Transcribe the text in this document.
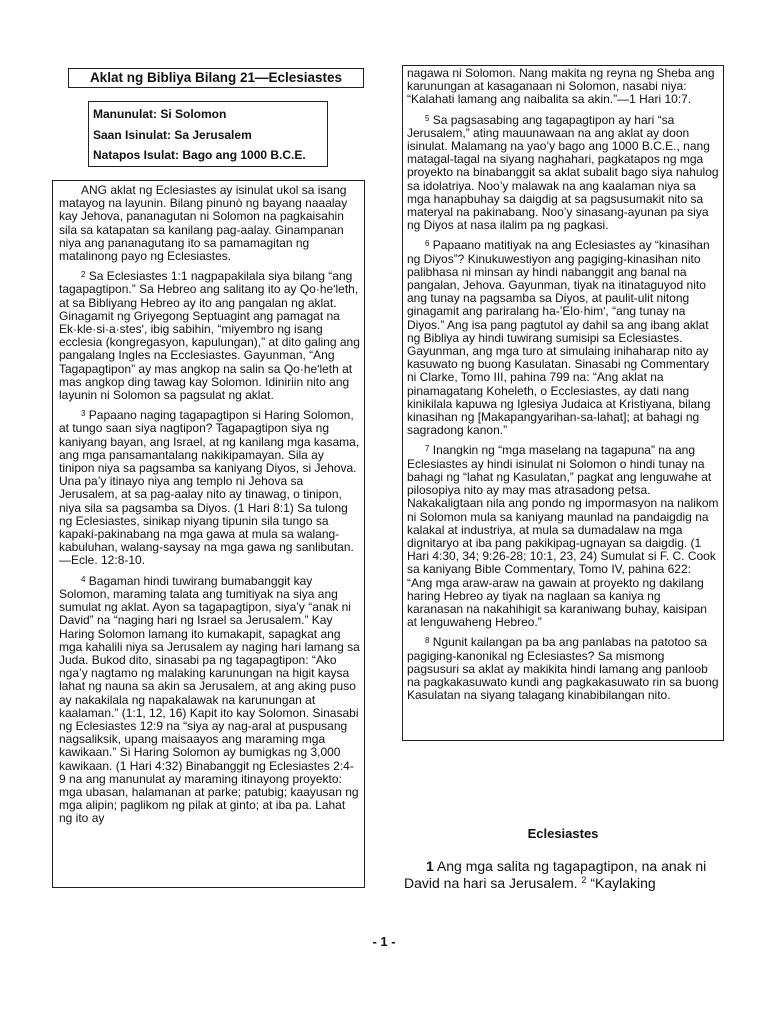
Aklat ng Bibliya Bilang 21—Eclesiastes
Manunulat: Si Solomon
Saan Isinulat: Sa Jerusalem
Natapos Isulat: Bago ang 1000 B.C.E.

ANG aklat ng Eclesiastes ay isinulat ukol sa isang matayog na layunin. Bilang pinunò ng bayang naaalay kay Jehova, pananagutan ni Solomon na pagkaisahin sila sa katapatan sa kanilang pag-aalay. Ginampanan niya ang pananagutang ito sa pamamagitan ng matalinong payo ng Eclesiastes.

$^2$ Sa Eclesiastes 1:1 nagpapakilala siya bilang “ang tagapagtipon.” Sa Hebreo ang salitang ito ay Qo·heʹleth, at sa Bibliyang Hebreo ay ito ang pangalan ng aklat. Ginagamit ng Griyegong Septuagint ang pamagat na Ek·kle·si·a·stesʹ, ibig sabihin, “miyembro ng isang ecclesia (kongregasyon, kapulungan),” at dito galing ang pangalang Ingles na Ecclesiastes. Gayunman, “Ang Tagapagtipon” ay mas angkop na salin sa Qo·heʹleth at mas angkop ding tawag kay Solomon. Idiniriin nito ang layunin ni Solomon sa pagsulat ng aklat.

$^3$ Papaano naging tagapagtipon si Haring Solomon, at tungo saan siya nagtipon? Tagapagtipon siya ng kaniyang bayan, ang Israel, at ng kanilang mga kasama, ang mga pansamantalang nakikipamayan. Sila ay tinipon niya sa pagsamba sa kaniyang Diyos, si Jehova. Una pa’y itinayo niya ang templo ni Jehova sa Jerusalem, at sa pag-aalay nito ay tinawag, o tinipon, niya sila sa pagsamba sa Diyos. (1 Hari 8:1) Sa tulong ng Eclesiastes, sinikap niyang tipunin sila tungo sa kapaki-pakinabang na mga gawa at mula sa walang-kabuluhan, walang-saysay na mga gawa ng sanlibutan.—Ecle. 12:8-10.

$^4$ Bagaman hindi tuwirang bumabanggit kay Solomon, maraming talata ang tumitiyak na siya ang sumulat ng aklat. Ayon sa tagapagtipon, siya’y “anak ni David” na “naging hari ng Israel sa Jerusalem.” Kay Haring Solomon lamang ito kumakapit, sapagkat ang mga kahalili niya sa Jerusalem ay naging hari lamang sa Juda. Bukod dito, sinasabi pa ng tagapagtipon: “Ako nga’y nagtamo ng malaking karunungan na higit kaysa lahat ng nauna sa akin sa Jerusalem, at ang aking puso ay nakakilala ng napakalawak na karunungan at kaalaman.” (1:1, 12, 16) Kapit ito kay Solomon. Sinasabi ng Eclesiastes 12:9 na “siya ay nag-aral at puspusang nagsaliksik, upang maisaayos ang maraming mga kawikaan.” Si Haring Solomon ay bumigkas ng 3,000 kawikaan. (1 Hari 4:32) Binabanggit ng Eclesiastes 2:4-9 na ang manunulat ay maraming itinayong proyekto: mga ubasan, halamanan at parke; patubig; kaayusan ng mga alipin; paglikom ng pilak at ginto; at iba pa. Lahat ng ito ay

nagawa ni Solomon. Nang makita ng reyna ng Sheba ang karunungan at kasaganaan ni Solomon, nasabi niya: “Kalahati lamang ang naibalita sa akin.”—1 Hari 10:7.

$^5$ Sa pagsasabing ang tagapagtipon ay hari “sa Jerusalem,” ating mauunawaan na ang aklat ay doon isinulat. Malamang na yao’y bago ang 1000 B.C.E., nang matagal-tagal na siyang naghahari, pagkatapos ng mga proyekto na binabanggit sa aklat subalit bago siya nahulog sa idolatriya. Noo’y malawak na ang kaalaman niya sa mga hanapbuhay sa daigdig at sa pagsusumakit nito sa materyal na pakinabang. Noo’y sinasang-ayunan pa siya ng Diyos at nasa ilalim pa ng pagkasi.

$^6$ Papaano matitiyak na ang Eclesiastes ay “kinasihan ng Diyos”? Kinukuwestiyon ang pagiging-kinasihan nito palibhasa ni minsan ay hindi nabanggit ang banal na pangalan, Jehova. Gayunman, tiyak na itinataguyod nito ang tunay na pagsamba sa Diyos, at paulit-ulit nitong ginagamit ang pariralang ha-ʼElo·himʹ, “ang tunay na Diyos.” Ang isa pang pagtutol ay dahil sa ang ibang aklat ng Bibliya ay hindi tuwirang sumisipi sa Eclesiastes. Gayunman, ang mga turo at simulaing inihaharap nito ay kasuwato ng buong Kasulatan. Sinasabi ng Commentary ni Clarke, Tomo III, pahina 799 na: “Ang aklat na pinamagatang Koheleth, o Ecclesiastes, ay dati nang kinikilala kapuwa ng Iglesiya Judaica at Kristiyana, bilang kinasihan ng [Makapangyarihan-sa-lahat]; at bahagi ng sagradong kanon.”

$^7$ Inangkin ng “mga maselang na tagapuna” na ang Eclesiastes ay hindi isinulat ni Solomon o hindi tunay na bahagi ng “lahat ng Kasulatan,” pagkat ang lenguwahe at pilosopiya nito ay may mas atrasadong petsa. Nakakaligtaan nila ang pondo ng impormasyon na nalikom ni Solomon mula sa kaniyang maunlad na pandaigdig na kalakal at industriya, at mula sa dumadalaw na mga dignitaryo at iba pang pakikipag-ugnayan sa daigdig. (1 Hari 4:30, 34; 9:26-28; 10:1, 23, 24) Sumulat si F. C. Cook sa kaniyang Bible Commentary, Tomo IV, pahina 622: “Ang mga araw-araw na gawain at proyekto ng dakilang haring Hebreo ay tiyak na naglaan sa kaniya ng karanasan na nakahihigit sa karaniwang buhay, kaisipan at lenguwaheng Hebreo.”

$^8$ Ngunit kailangan pa ba ang panlabas na patotoo sa pagiging-kanonikal ng Eclesiastes? Sa mismong pagsusuri sa aklat ay makikita hindi lamang ang panloob na pagkakasuwato kundi ang pagkakasuwato rin sa buong Kasulatan na siyang talagang kinabibilangan nito.

Eclesiastes
1 Ang mga salita ng tagapagtipon, na anak ni David na hari sa Jerusalem. $^2$ “Kaylaking
- 1 -
